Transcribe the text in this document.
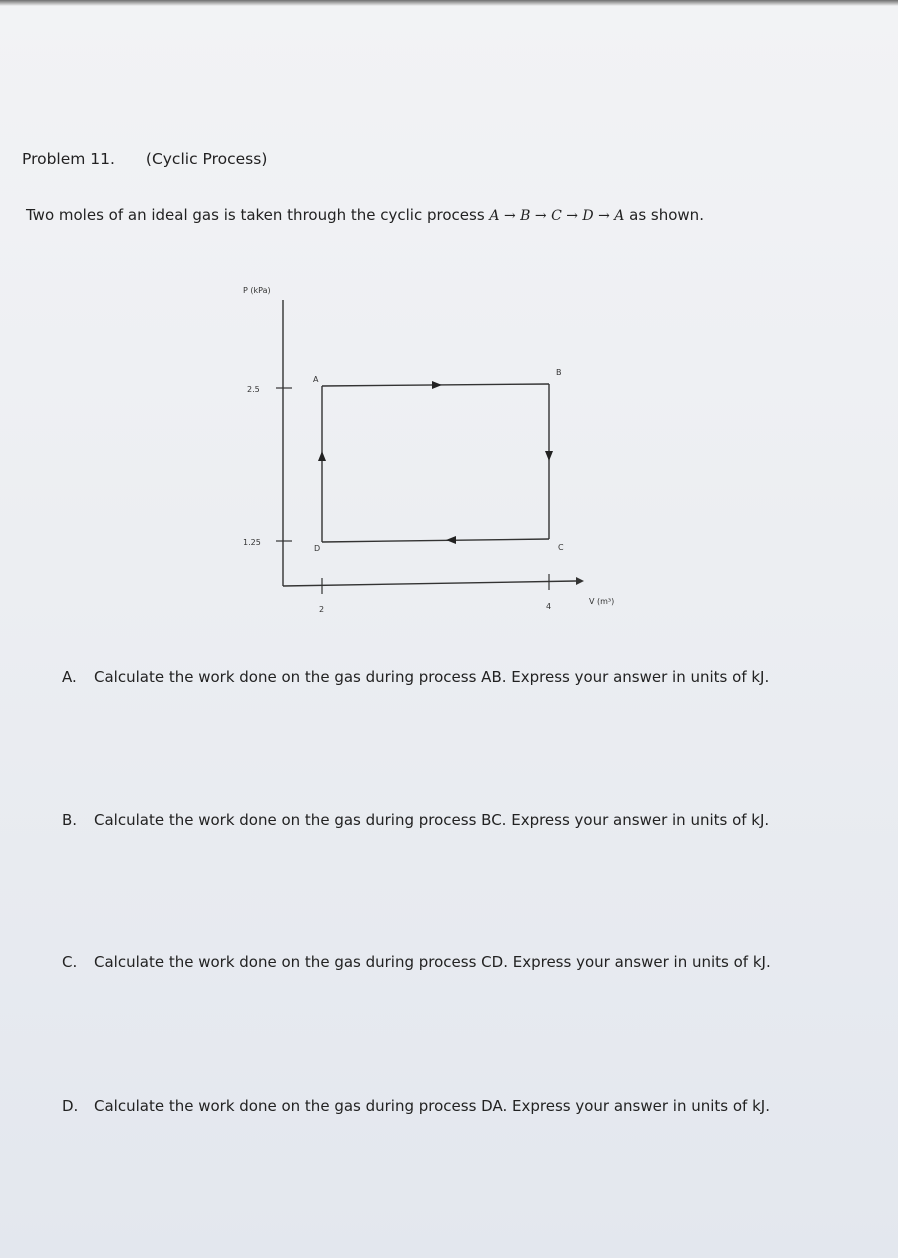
Problem 11. (Cyclic Process)
Two moles of an ideal gas is taken through the cyclic process A → B → C → D → A as shown.
P (kPa)
V (m³)
2.5
1.25
2	4
A
B
C
D
A. Calculate the work done on the gas during process AB. Express your answer in units of kJ.
B. Calculate the work done on the gas during process BC. Express your answer in units of kJ.
C. Calculate the work done on the gas during process CD. Express your answer in units of kJ.
D. Calculate the work done on the gas during process DA. Express your answer in units of kJ.
